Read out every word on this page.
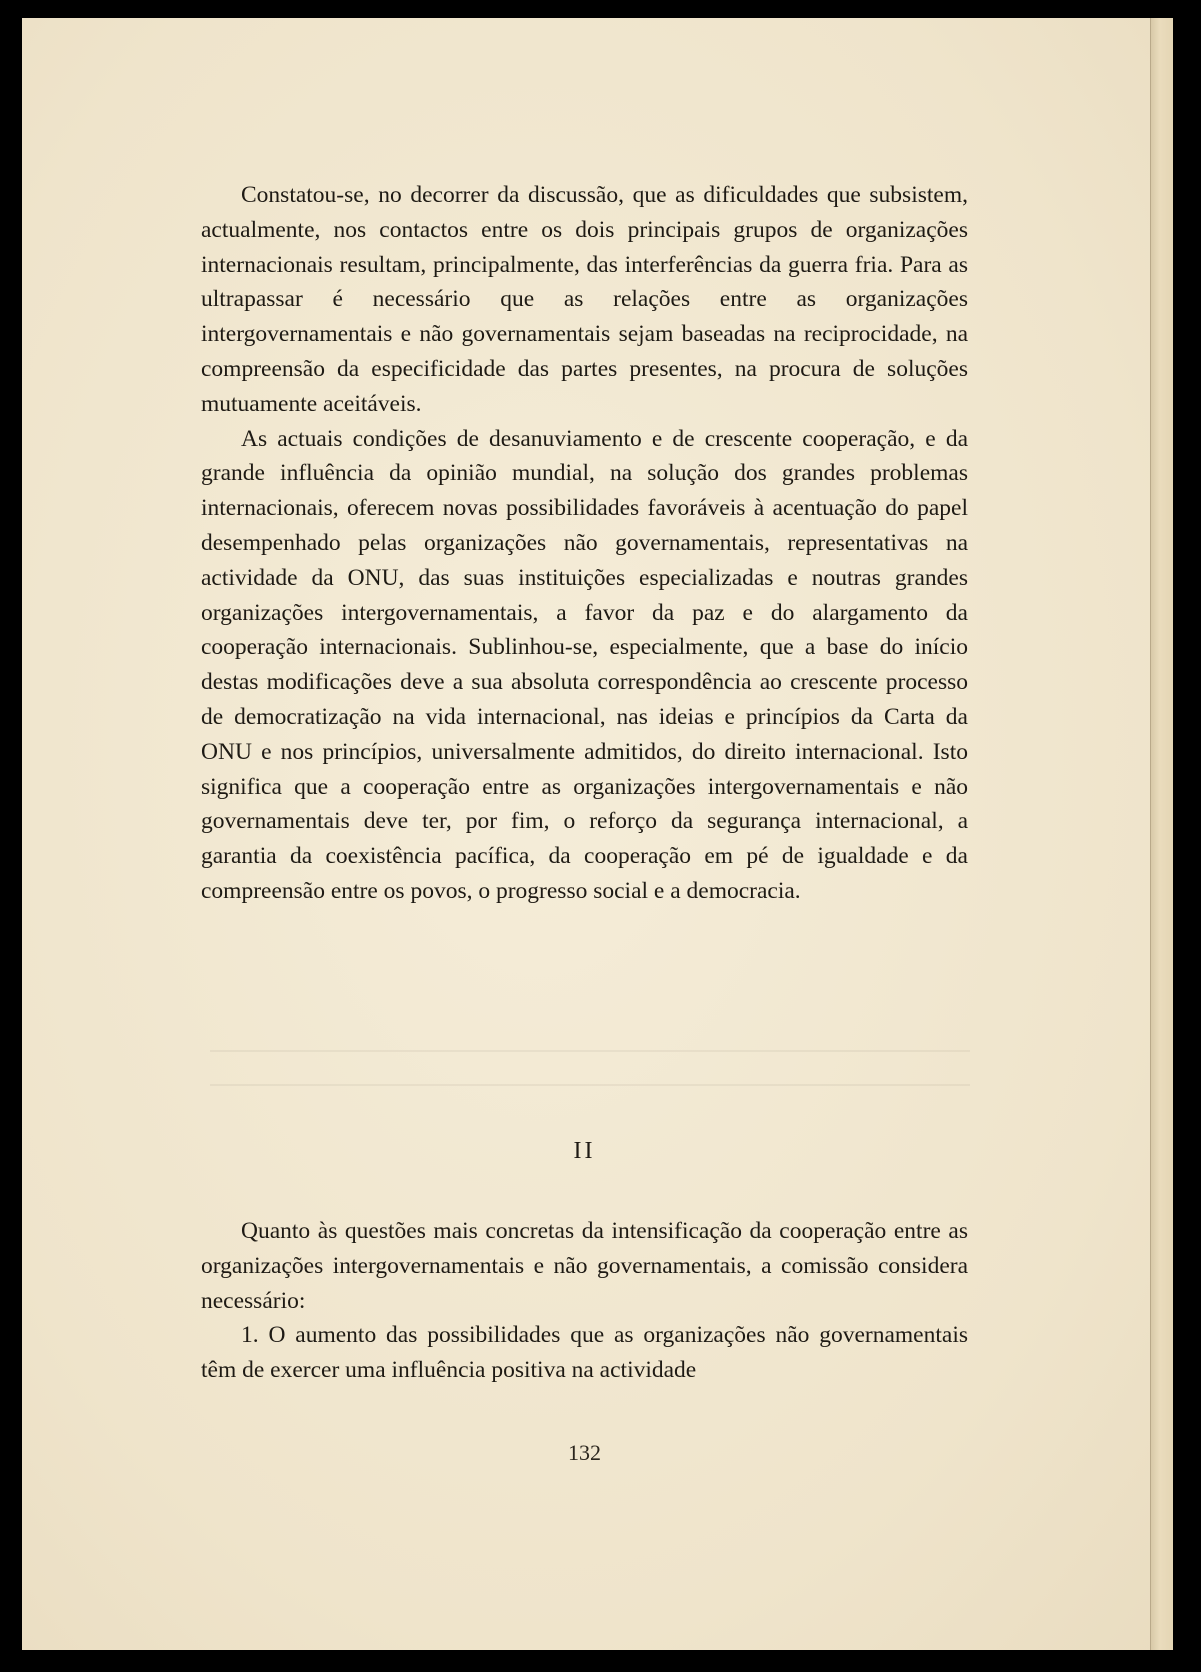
Constatou-se, no decorrer da discussão, que as dificuldades que subsistem, actualmente, nos contactos entre os dois principais grupos de organizações internacionais resultam, principalmente, das interferências da guerra fria. Para as ultrapassar é necessário que as relações entre as organizações intergovernamentais e não governamentais sejam baseadas na reciprocidade, na compreensão da especificidade das partes presentes, na procura de soluções mutuamente aceitáveis.

As actuais condições de desanuviamento e de crescente cooperação, e da grande influência da opinião mundial, na solução dos grandes problemas internacionais, oferecem novas possibilidades favoráveis à acentuação do papel desempenhado pelas organizações não governamentais, representativas na actividade da ONU, das suas instituições especializadas e noutras grandes organizações intergovernamentais, a favor da paz e do alargamento da cooperação internacionais. Sublinhou-se, especialmente, que a base do início destas modificações deve a sua absoluta correspondência ao crescente processo de democratização na vida internacional, nas ideias e princípios da Carta da ONU e nos princípios, universalmente admitidos, do direito internacional. Isto significa que a cooperação entre as organizações intergovernamentais e não governamentais deve ter, por fim, o reforço da segurança internacional, a garantia da coexistência pacífica, da cooperação em pé de igualdade e da compreensão entre os povos, o progresso social e a democracia.

II

Quanto às questões mais concretas da intensificação da cooperação entre as organizações intergovernamentais e não governamentais, a comissão considera necessário:

1. O aumento das possibilidades que as organizações não governamentais têm de exercer uma influência positiva na actividade

132
